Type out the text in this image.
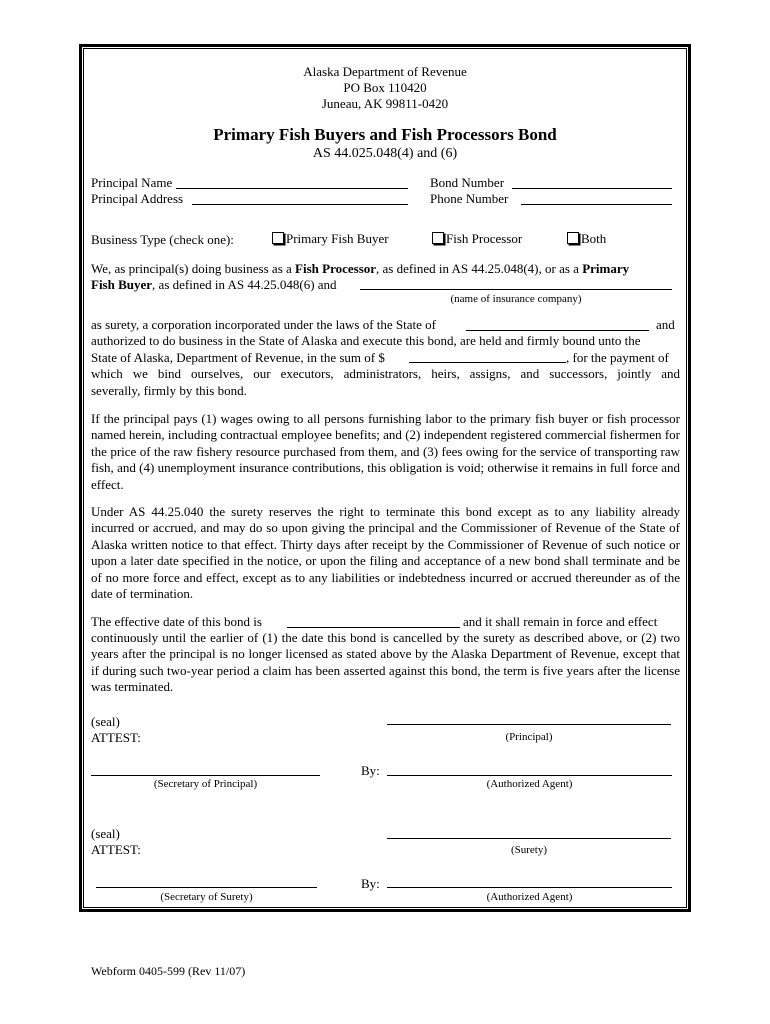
Alaska Department of Revenue
PO Box 110420
Juneau, AK 99811-0420
Primary Fish Buyers and Fish Processors Bond
AS 44.025.048(4) and (6)
Principal Name
Principal Address
Bond Number
Phone Number
Business Type (check one):	Primary Fish Buyer	Fish Processor	Both
We, as principal(s) doing business as a Fish Processor, as defined in AS 44.25.048(4), or as a Primary
Fish Buyer, as defined in AS 44.25.048(6) and
(name of insurance company)
as surety, a corporation incorporated under the laws of the State of	and
authorized to do business in the State of Alaska and execute this bond, are held and firmly bound unto the
State of Alaska, Department of Revenue, in the sum of $	, for the payment of
which we bind ourselves, our executors, administrators, heirs, assigns, and successors, jointly and
severally, firmly by this bond.
If the principal pays (1) wages owing to all persons furnishing labor to the primary fish buyer or fish processor named herein, including contractual employee benefits; and (2) independent registered commercial fishermen for the price of the raw fishery resource purchased from them, and (3) fees owing for the service of transporting raw fish, and (4) unemployment insurance contributions, this obligation is void; otherwise it remains in full force and effect.
Under AS 44.25.040 the surety reserves the right to terminate this bond except as to any liability already incurred or accrued, and may do so upon giving the principal and the Commissioner of Revenue of the State of Alaska written notice to that effect. Thirty days after receipt by the Commissioner of Revenue of such notice or upon a later date specified in the notice, or upon the filing and acceptance of a new bond shall terminate and be of no more force and effect, except as to any liabilities or indebtedness incurred or accrued thereunder as of the date of termination.
The effective date of this bond is	and it shall remain in force and effect
continuously until the earlier of (1) the date this bond is cancelled by the surety as described above, or (2) two years after the principal is no longer licensed as stated above by the Alaska Department of Revenue, except that if during such two-year period a claim has been asserted against this bond, the term is five years after the license was terminated.
(seal)
ATTEST:	(Principal)
(Secretary of Principal)
By:
(Authorized Agent)
(seal)
ATTEST:	(Surety)
(Secretary of Surety)
By:
(Authorized Agent)
Webform 0405-599 (Rev 11/07)
